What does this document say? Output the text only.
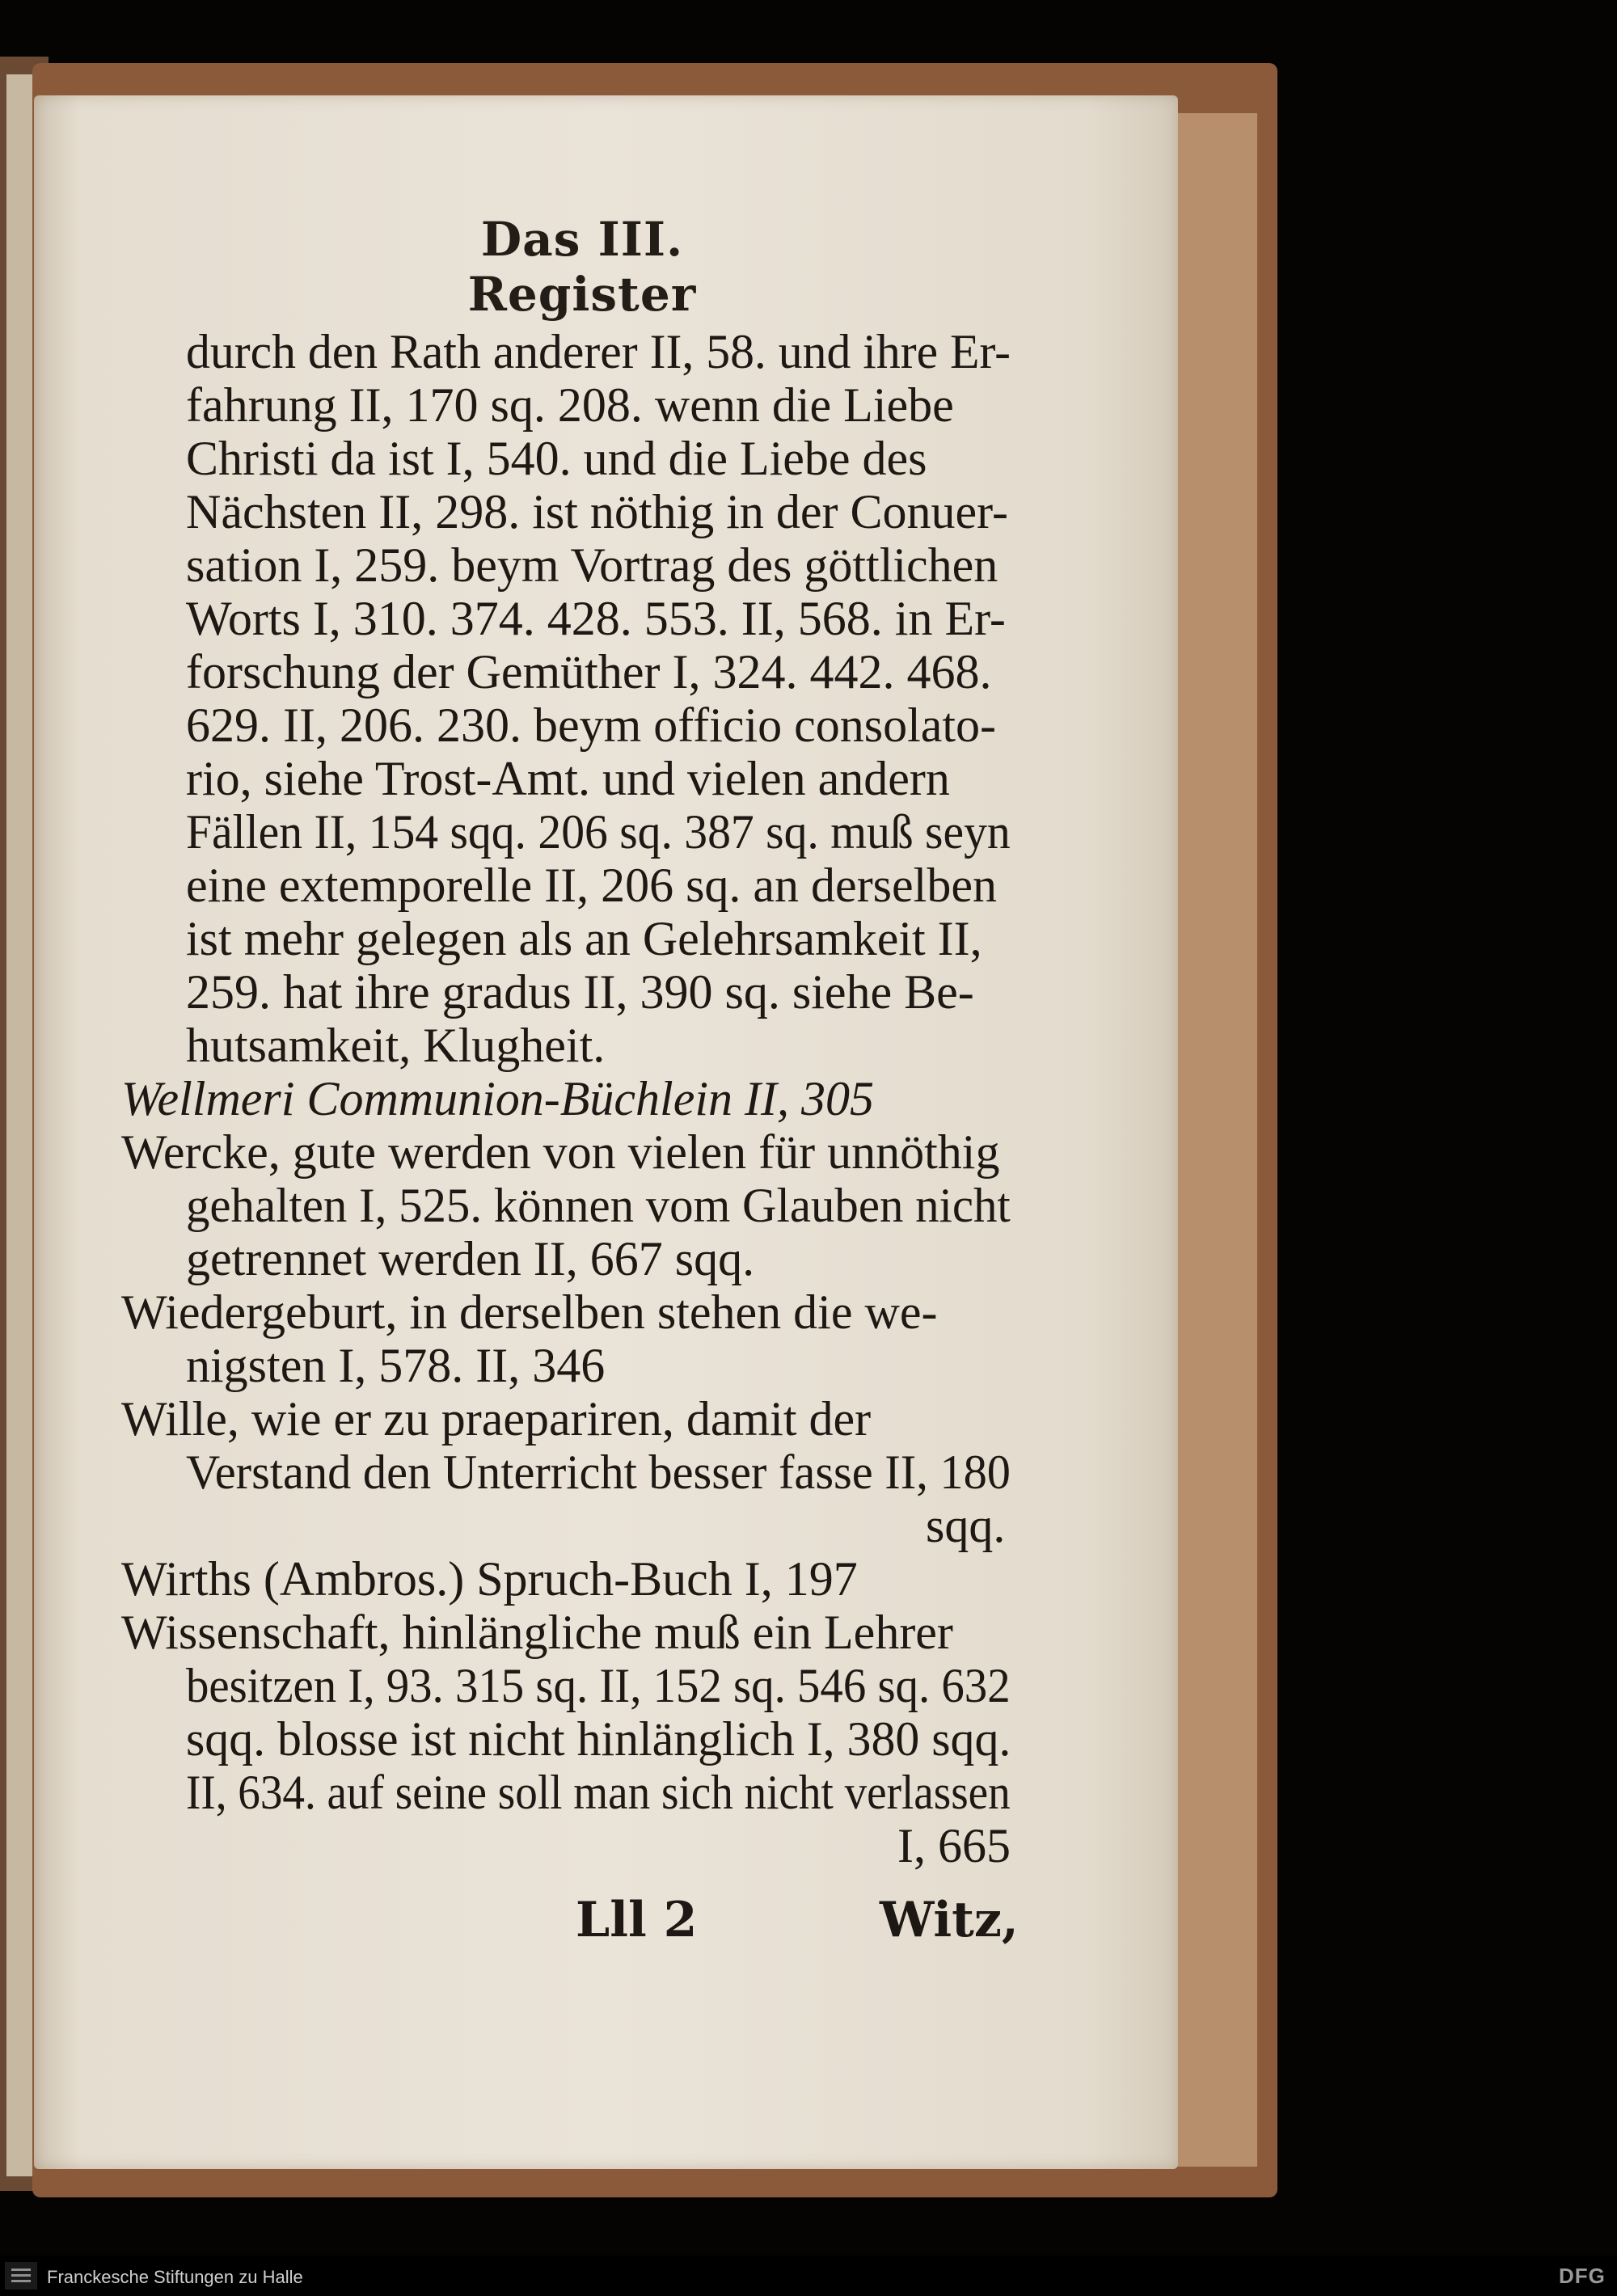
Das III. Register
durch den Rath anderer II, 58. und ihre Er-
fahrung II, 170 sq. 208. wenn die Liebe
Christi da ist I, 540. und die Liebe des
Nächsten II, 298. ist nöthig in der Conuer-
sation I, 259. beym Vortrag des göttlichen
Worts I, 310. 374. 428. 553. II, 568. in Er-
forschung der Gemüther I, 324. 442. 468.
629. II, 206. 230. beym officio consolato-
rio, siehe Trost-Amt. und vielen andern
Fällen II, 154 sqq. 206 sq. 387 sq. muß seyn
eine extemporelle II, 206 sq. an derselben
ist mehr gelegen als an Gelehrsamkeit II,
259. hat ihre gradus II, 390 sq. siehe Be-
hutsamkeit, Klugheit.
Wellmeri Communion-Büchlein II, 305
Wercke, gute werden von vielen für unnöthig
gehalten I, 525. können vom Glauben nicht
getrennet werden II, 667 sqq.
Wiedergeburt, in derselben stehen die we-
nigsten I, 578. II, 346
Wille, wie er zu praepariren, damit der
Verstand den Unterricht besser fasse II, 180
sqq.
Wirths (Ambros.) Spruch-Buch I, 197
Wissenschaft, hinlängliche muß ein Lehrer
besitzen I, 93. 315 sq. II, 152 sq. 546 sq. 632
sqq. blosse ist nicht hinlänglich I, 380 sqq.
II, 634. auf seine soll man sich nicht verlassen
I, 665
Lll 2	Witz,
Franckesche Stiftungen zu Halle	DFG
